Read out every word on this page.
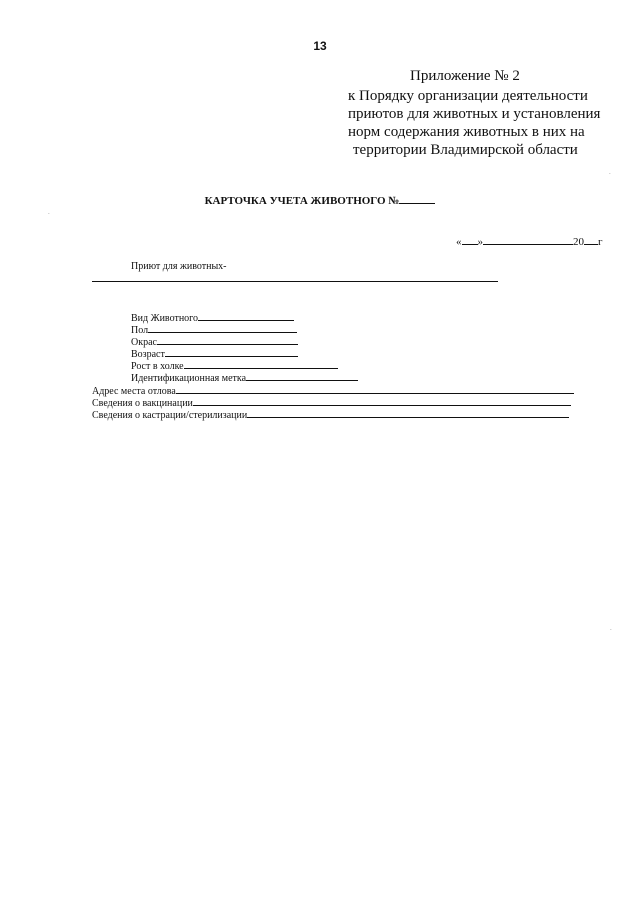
13
Приложение № 2
к Порядку организации деятельности
приютов для животных и установления
норм содержания животных в них на
территории Владимирской области
КАРТОЧКА УЧЕТА ЖИВОТНОГО №
« »	20 г
Приют для животных-
Вид Животного
Пол
Окрас
Возраст
Рост в холке
Идентификационная метка
Адрес места отлова
Сведения о вакцинации
Сведения о кастрации/стерилизации
.
.
.
